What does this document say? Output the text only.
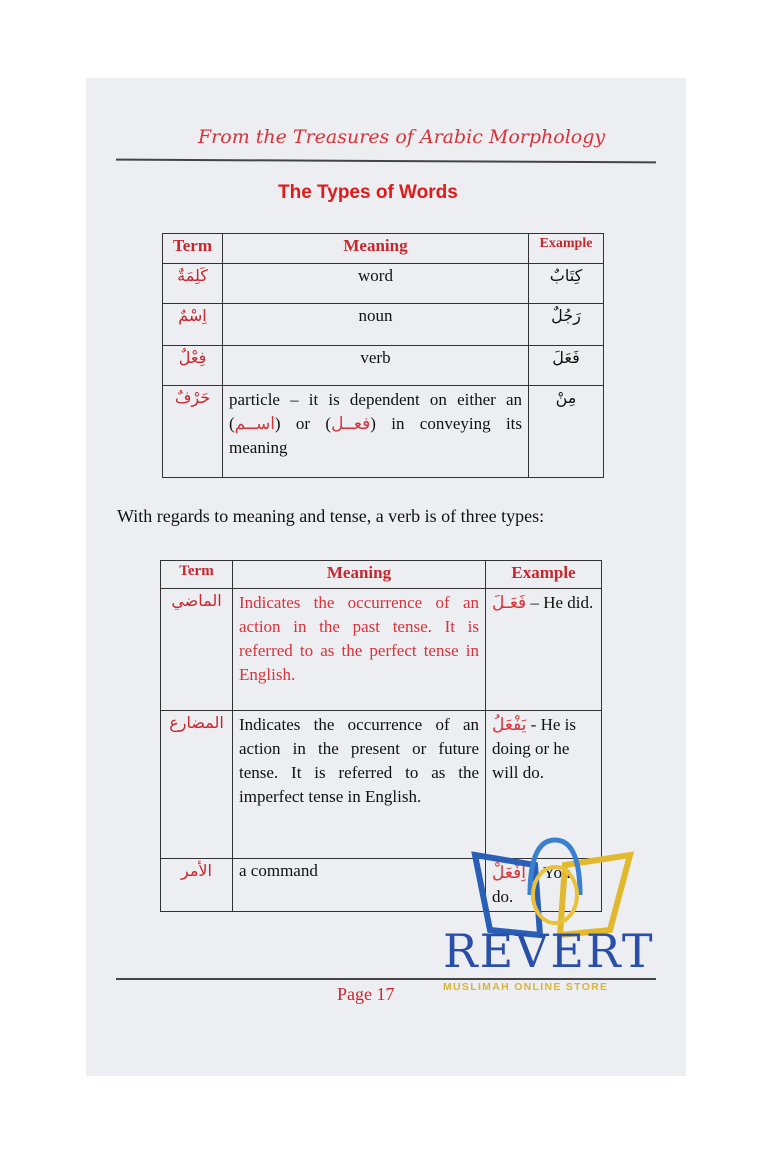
From the Treasures of Arabic Morphology
The Types of Words
Term	Meaning	Example
كَلِمَةٌ	word	كِتَابٌ
اِسْمٌ	noun	رَجُلٌ
فِعْلٌ	verb	فَعَلَ
حَرْفٌ	particle – it is dependent on either an (اســم) or (فعــل) in conveying its meaning	مِنْ
With regards to meaning and tense, a verb is of three types:
Term	Meaning	Example
الماضي	Indicates the occurrence of an action in the past tense. It is referred to as the perfect tense in English.	فَعَـلَ – He did.
المضارع	Indicates the occurrence of an action in the present or future tense. It is referred to as the imperfect tense in English.	يَفْعَلُ - He is doing or he will do.
الأمر	a command	اِفْعَلْ – You do.
Page 17
REVERT
MUSLIMAH ONLINE STORE
